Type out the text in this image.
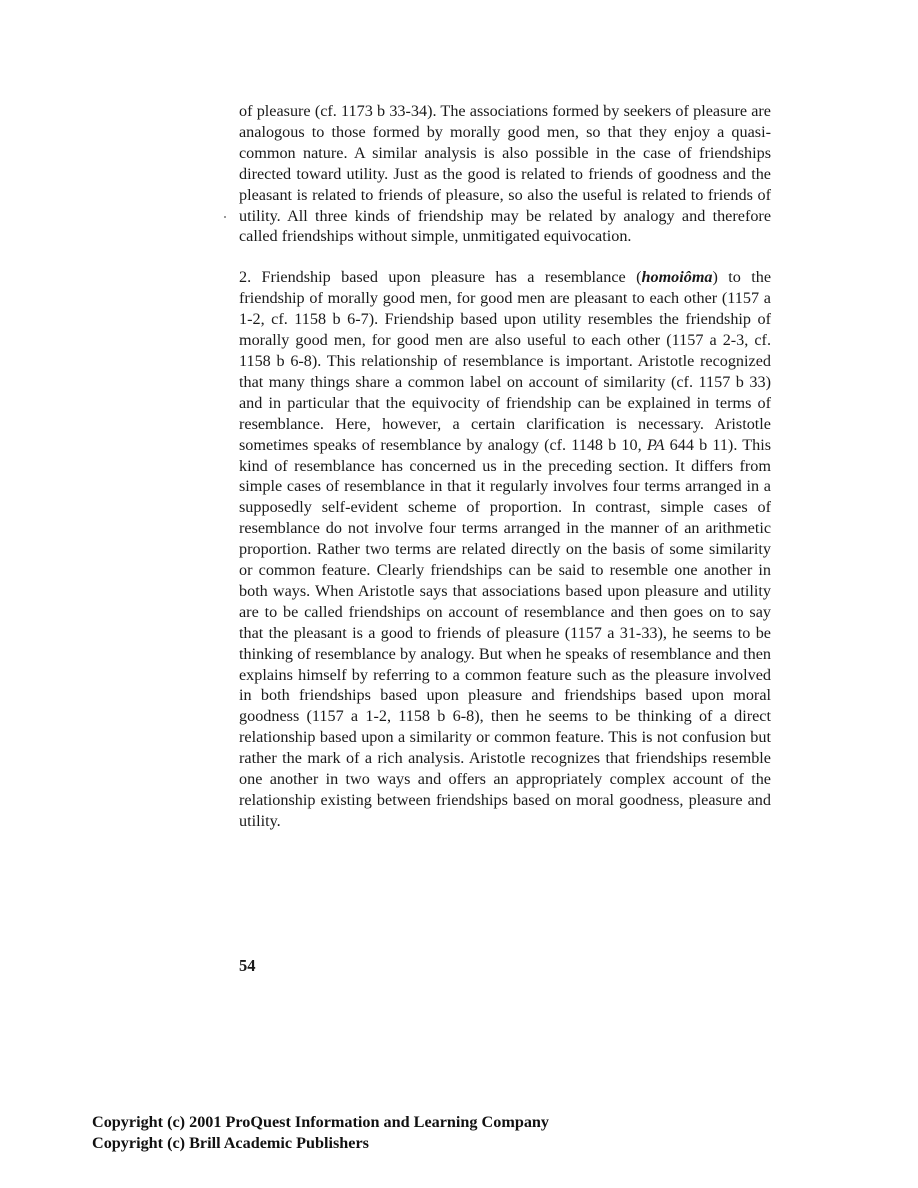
of pleasure (cf. 1173 b 33-34). The associations formed by seekers of pleasure are analogous to those formed by morally good men, so that they enjoy a quasi-common nature. A similar analysis is also possible in the case of friendships directed toward utility. Just as the good is related to friends of goodness and the pleasant is related to friends of pleasure, so also the useful is related to friends of utility. All three kinds of friendship may be related by analogy and therefore called friendships without simple, unmitigated equivocation.

2. Friendship based upon pleasure has a resemblance (homoiôma) to the friendship of morally good men, for good men are pleasant to each other (1157 a 1-2, cf. 1158 b 6-7). Friendship based upon utility resembles the friendship of morally good men, for good men are also useful to each other (1157 a 2-3, cf. 1158 b 6-8). This relationship of resemblance is important. Aristotle recognized that many things share a common label on account of similarity (cf. 1157 b 33) and in particular that the equivocity of friendship can be explained in terms of resemblance. Here, however, a certain clarification is necessary. Aristotle sometimes speaks of resemblance by analogy (cf. 1148 b 10, PA 644 b 11). This kind of resemblance has concerned us in the preceding section. It differs from simple cases of resemblance in that it regularly involves four terms arranged in a supposedly self-evident scheme of proportion. In contrast, simple cases of resemblance do not involve four terms arranged in the manner of an arithmetic proportion. Rather two terms are related directly on the basis of some similarity or common feature. Clearly friendships can be said to resemble one another in both ways. When Aristotle says that associations based upon pleasure and utility are to be called friendships on account of resemblance and then goes on to say that the pleasant is a good to friends of pleasure (1157 a 31-33), he seems to be thinking of resemblance by analogy. But when he speaks of resemblance and then explains himself by referring to a common feature such as the pleasure involved in both friendships based upon pleasure and friendships based upon moral goodness (1157 a 1-2, 1158 b 6-8), then he seems to be thinking of a direct relationship based upon a similarity or common feature. This is not confusion but rather the mark of a rich analysis. Aristotle recognizes that friendships resemble one another in two ways and offers an appropriately complex account of the relationship existing between friendships based on moral goodness, pleasure and utility.

54
Copyright (c) 2001 ProQuest Information and Learning Company
Copyright (c) Brill Academic Publishers
